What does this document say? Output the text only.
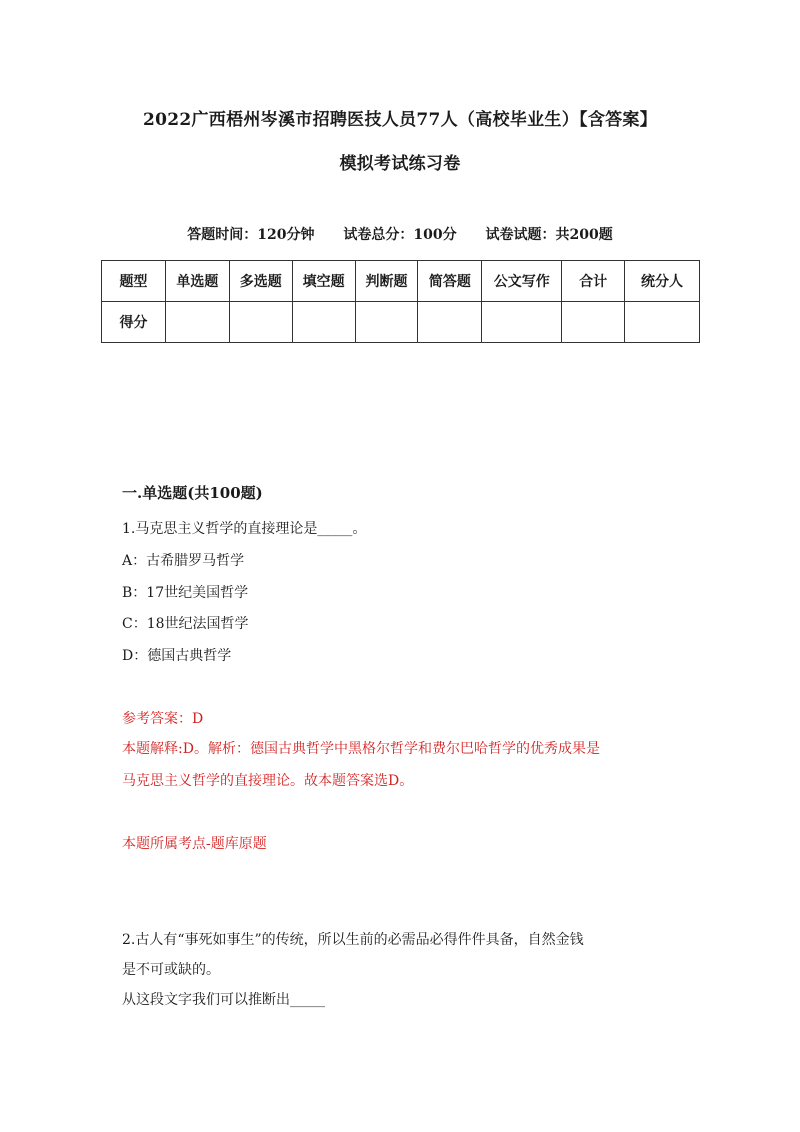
2022广西梧州岑溪市招聘医技人员77人（高校毕业生）【含答案】
模拟考试练习卷
答题时间：120分钟 试卷总分：100分 试卷试题：共200题
题型	单选题	多选题	填空题	判断题	简答题	公文写作	合计	统分人
得分								
一.单选题(共100题)
1.马克思主义哲学的直接理论是_____。
A：古希腊罗马哲学
B：17世纪美国哲学
C：18世纪法国哲学
D：德国古典哲学
参考答案：D
本题解释:D。解析：德国古典哲学中黑格尔哲学和费尔巴哈哲学的优秀成果是
马克思主义哲学的直接理论。故本题答案选D。
本题所属考点-题库原题
2.古人有“事死如事生”的传统，所以生前的必需品必得件件具备，自然金钱
是不可或缺的。
从这段文字我们可以推断出_____
